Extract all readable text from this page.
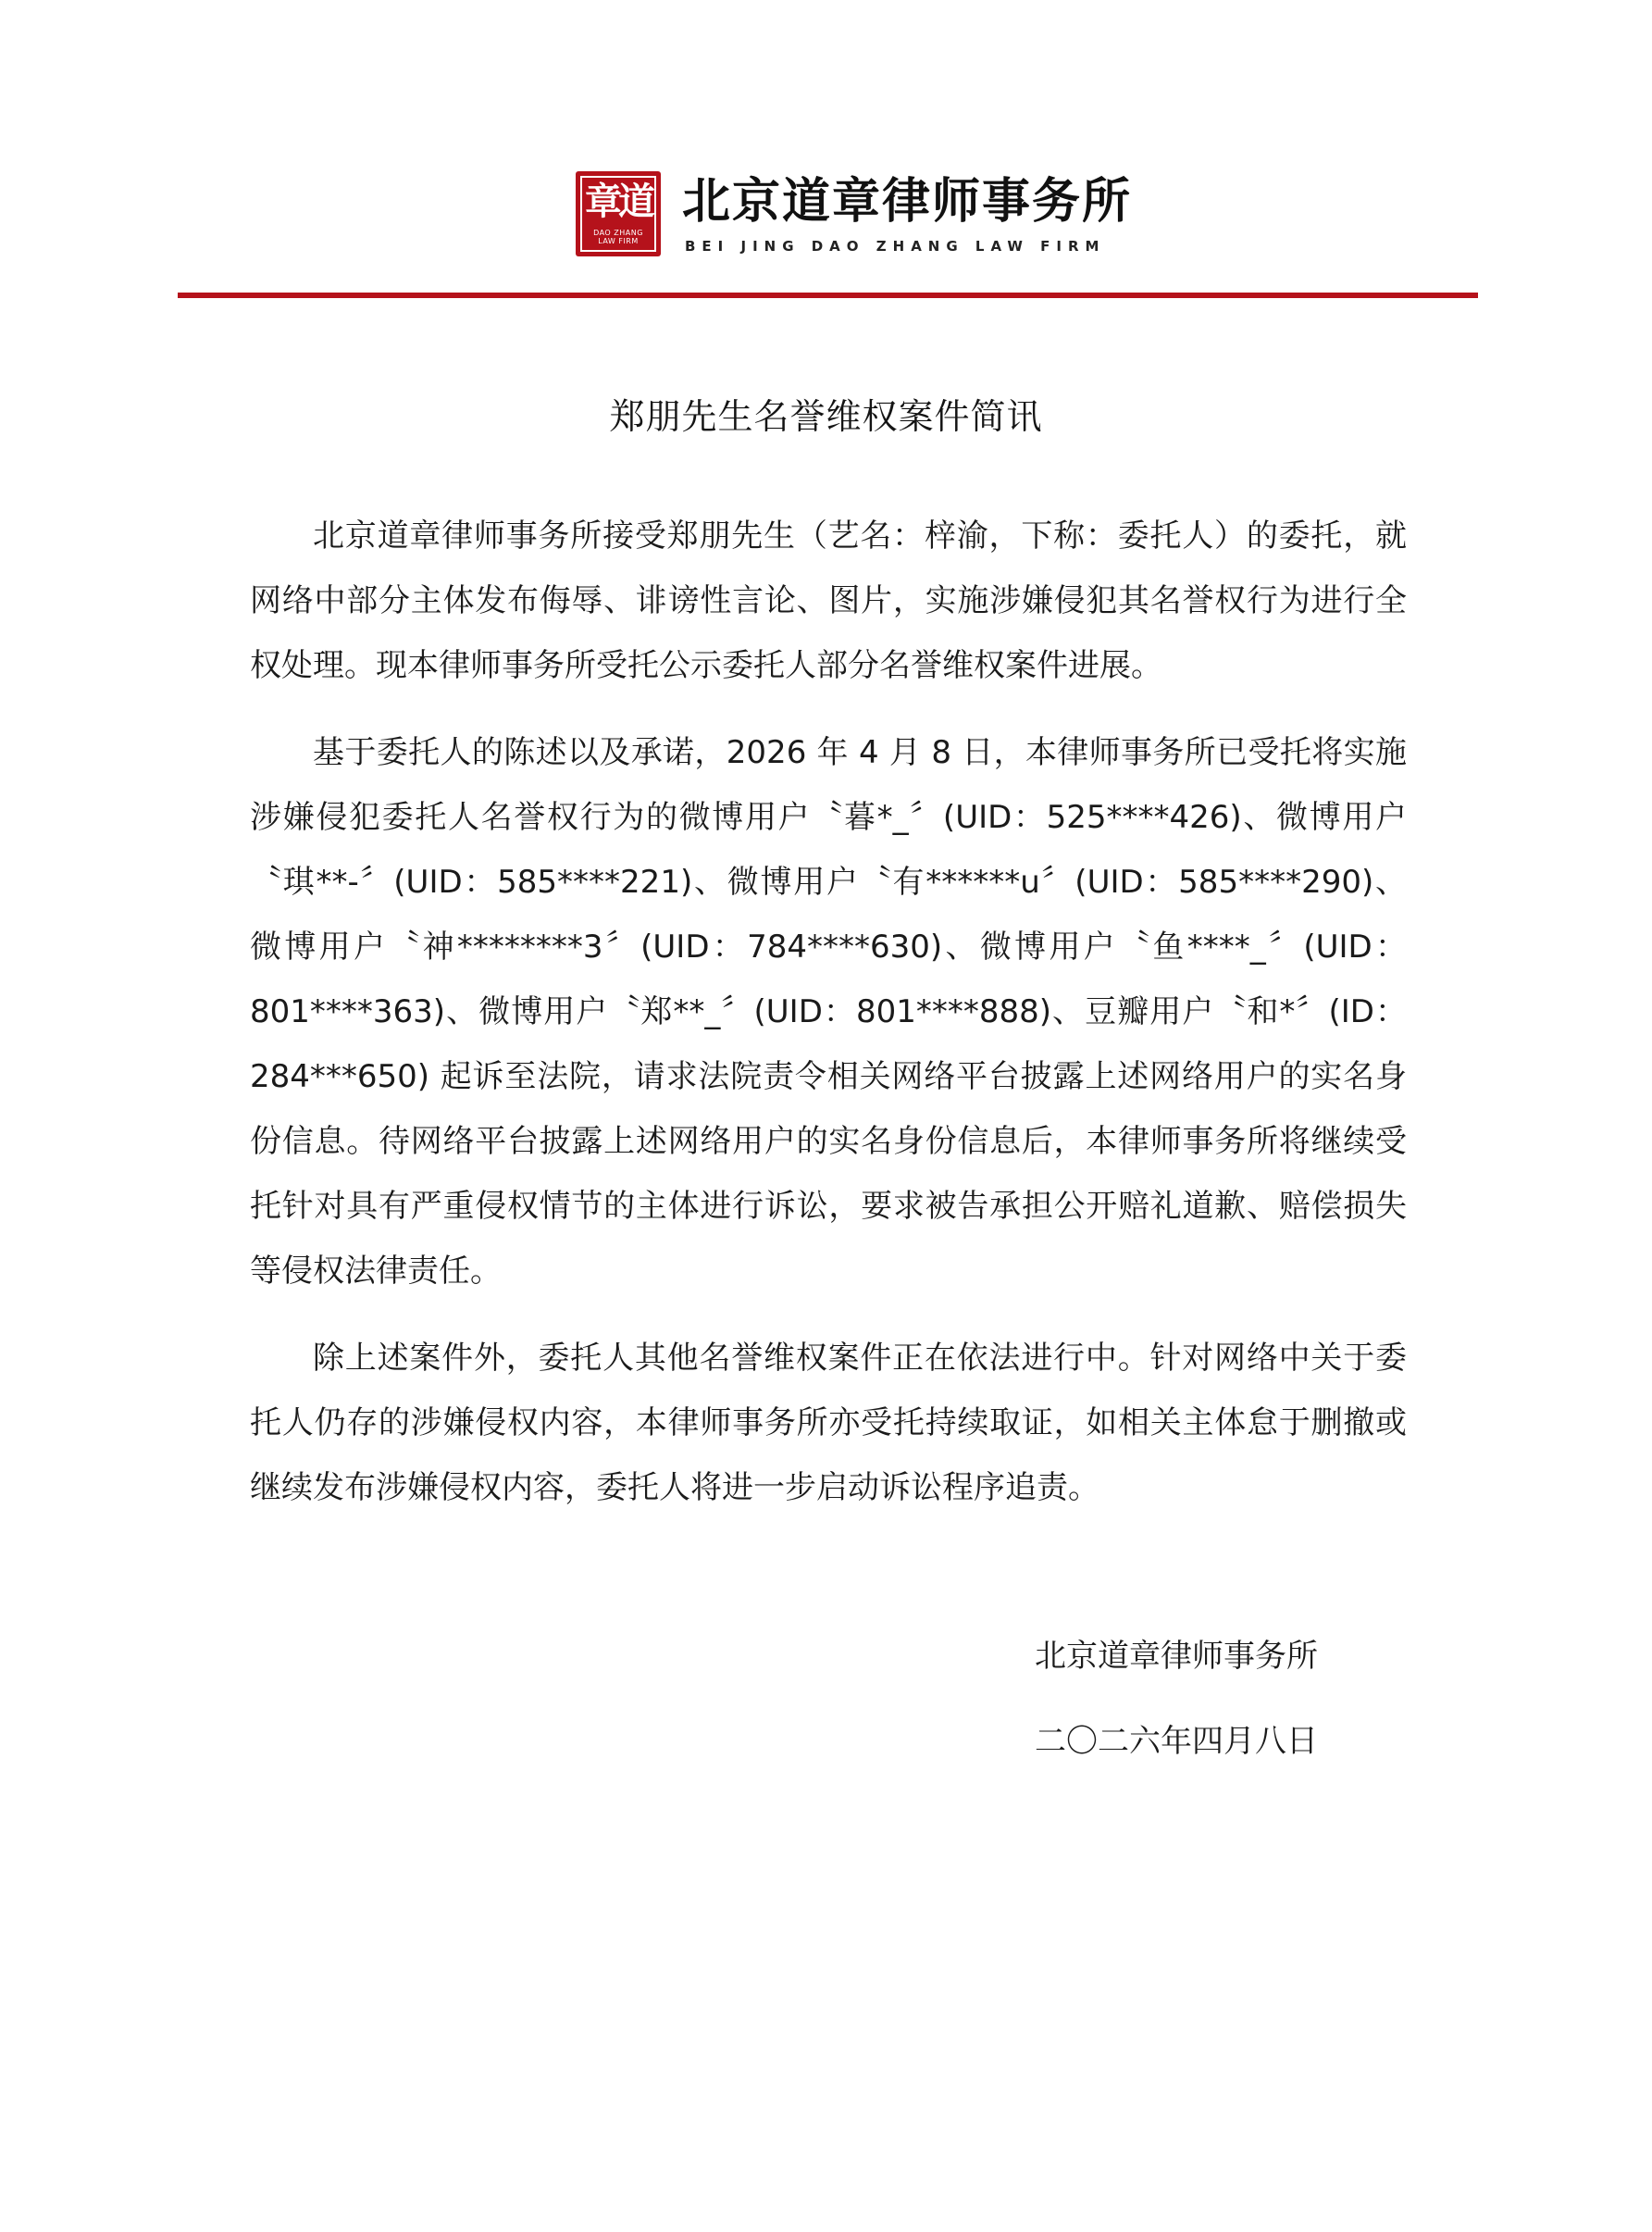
章道
DAO ZHANG
LAW FIRM
北京道章律师事务所
BEI JING DAO ZHANG LAW FIRM
郑朋先生名誉维权案件简讯

北京道章律师事务所接受郑朋先生（艺名：梓渝，下称：委托人）的委托，就网络中部分主体发布侮辱、诽谤性言论、图片，实施涉嫌侵犯其名誉权行为进行全权处理。现本律师事务所受托公示委托人部分名誉维权案件进展。

基于委托人的陈述以及承诺，2026 年 4 月 8 日，本律师事务所已受托将实施涉嫌侵犯委托人名誉权行为的微博用户〝暮*_〞(UID：525****426)、微博用户〝琪**-〞(UID：585****221)、微博用户〝有******u〞(UID：585****290)、微博用户〝神********3〞(UID：784****630)、微博用户〝鱼****_〞(UID：801****363)、微博用户〝郑**_〞(UID：801****888)、豆瓣用户〝和*〞(ID：284***650) 起诉至法院，请求法院责令相关网络平台披露上述网络用户的实名身份信息。待网络平台披露上述网络用户的实名身份信息后，本律师事务所将继续受托针对具有严重侵权情节的主体进行诉讼，要求被告承担公开赔礼道歉、赔偿损失等侵权法律责任。

除上述案件外，委托人其他名誉维权案件正在依法进行中。针对网络中关于委托人仍存的涉嫌侵权内容，本律师事务所亦受托持续取证，如相关主体怠于删撤或继续发布涉嫌侵权内容，委托人将进一步启动诉讼程序追责。

北京道章律师事务所
二〇二六年四月八日
